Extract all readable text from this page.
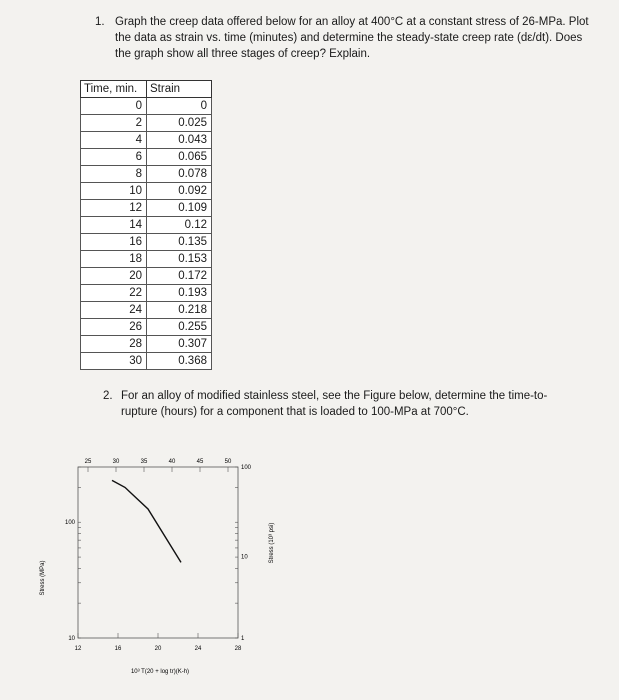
1. Graph the creep data offered below for an alloy at 400°C at a constant stress of 26-MPa. Plot the data as strain vs. time (minutes) and determine the steady-state creep rate (dε/dt). Does the graph show all three stages of creep? Explain.
Time, min.	Strain
0	0
2	0.025
4	0.043
6	0.065
8	0.078
10	0.092
12	0.109
14	0.12
16	0.135
18	0.153
20	0.172
22	0.193
24	0.218
26	0.255
28	0.307
30	0.368
2. For an alloy of modified stainless steel, see the Figure below, determine the time-to-rupture (hours) for a component that is loaded to 100-MPa at 700°C.
Stress (MPa)
Stress (10³ psi)
10³ T(20 + log tr)(K-h)
12	16	20	24	28
25	30	35	40	45	50
100
10
100
10
1
